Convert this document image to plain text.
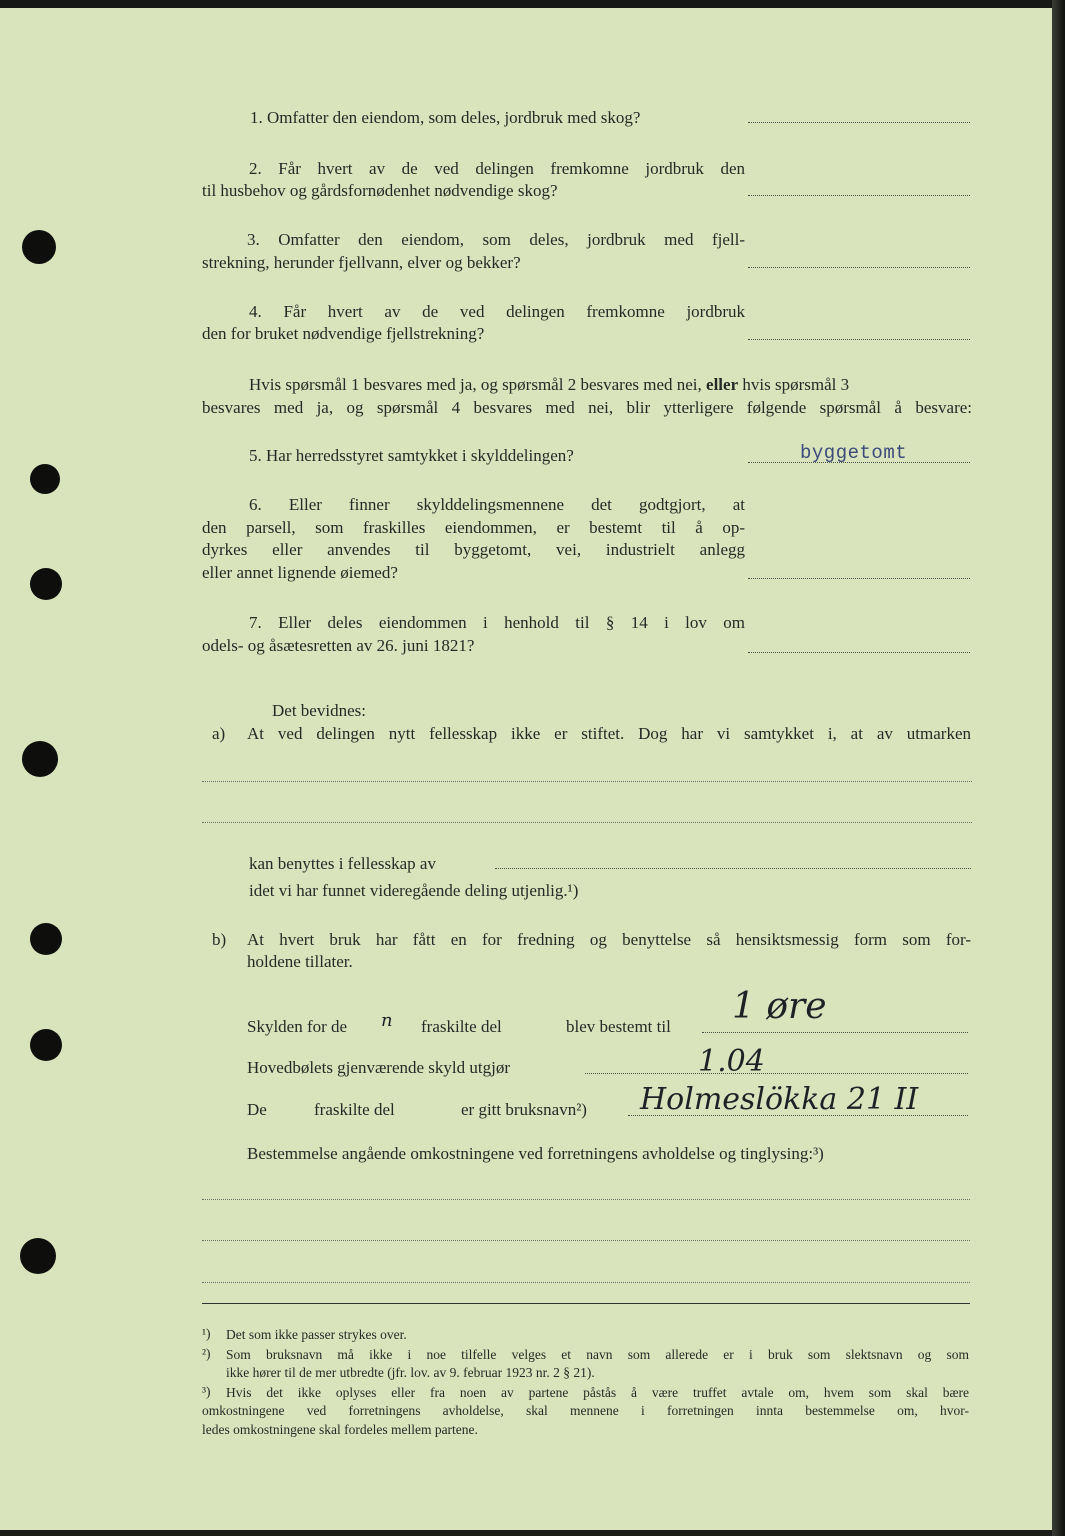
1. Omfatter den eiendom, som deles, jordbruk med skog?
2. Får hvert av de ved delingen fremkomne jordbruk den
til husbehov og gårdsfornødenhet nødvendige skog?
3. Omfatter den eiendom, som deles, jordbruk med fjell-
strekning, herunder fjellvann, elver og bekker?
4. Får hvert av de ved delingen fremkomne jordbruk
den for bruket nødvendige fjellstrekning?
Hvis spørsmål 1 besvares med ja, og spørsmål 2 besvares med nei, eller hvis spørsmål 3
besvares med ja, og spørsmål 4 besvares med nei, blir ytterligere følgende spørsmål å besvare:
5. Har herredsstyret samtykket i skylddelingen?	byggetomt
6. Eller finner skylddelingsmennene det godtgjort, at
den parsell, som fraskilles eiendommen, er bestemt til å op-
dyrkes eller anvendes til byggetomt, vei, industrielt anlegg
eller annet lignende øiemed?
7. Eller deles eiendommen i henhold til § 14 i lov om
odels- og åsætesretten av 26. juni 1821?
Det bevidnes:
a) At ved delingen nytt fellesskap ikke er stiftet. Dog har vi samtykket i, at av utmarken
kan benyttes i fellesskap av
idet vi har funnet videregående deling utjenlig.¹)
b) At hvert bruk har fått en for fredning og benyttelse så hensiktsmessig form som for-
holdene tillater.
Skylden for de n fraskilte del	blev bestemt til 1 øre
Hovedbølets gjenværende skyld utgjør	1.04
De	fraskilte del	er gitt bruksnavn²) Holmeslökka 21 II
Bestemmelse angående omkostningene ved forretningens avholdelse og tinglysing:³)
¹) Det som ikke passer strykes over.
²) Som bruksnavn må ikke i noe tilfelle velges et navn som allerede er i bruk som slektsnavn og som
ikke hører til de mer utbredte (jfr. lov. av 9. februar 1923 nr. 2 § 21).
³) Hvis det ikke oplyses eller fra noen av partene påstås å være truffet avtale om, hvem som skal bære
omkostningene ved forretningens avholdelse, skal mennene i forretningen innta bestemmelse om, hvor-
ledes omkostningene skal fordeles mellem partene.
